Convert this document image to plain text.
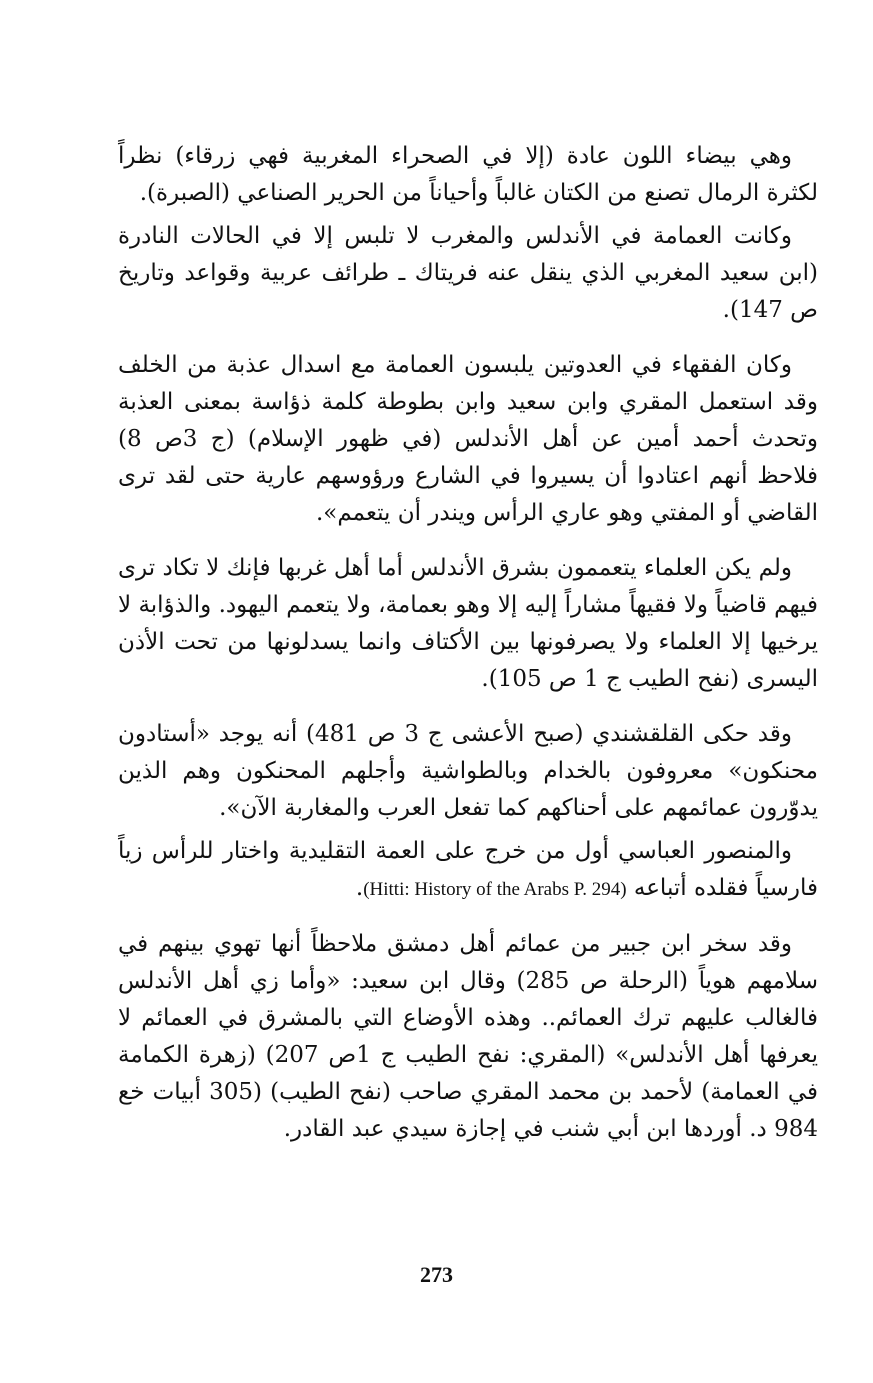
وهي بيضاء اللون عادة (إلا في الصحراء المغربية فهي زرقاء) نظراً لكثرة الرمال تصنع من الكتان غالباً وأحياناً من الحرير الصناعي (الصبرة).

وكانت العمامة في الأندلس والمغرب لا تلبس إلا في الحالات النادرة (ابن سعيد المغربي الذي ينقل عنه فريتاك ـ طرائف عربية وقواعد وتاريخ ص 147).

وكان الفقهاء في العدوتين يلبسون العمامة مع اسدال عذبة من الخلف وقد استعمل المقري وابن سعيد وابن بطوطة كلمة ذؤاسة بمعنى العذبة وتحدث أحمد أمين عن أهل الأندلس (في ظهور الإسلام) (ج 3ص 8) فلاحظ أنهم اعتادوا أن يسيروا في الشارع ورؤوسهم عارية حتى لقد ترى القاضي أو المفتي وهو عاري الرأس ويندر أن يتعمم».

ولم يكن العلماء يتعممون بشرق الأندلس أما أهل غربها فإنك لا تكاد ترى فيهم قاضياً ولا فقيهاً مشاراً إليه إلا وهو بعمامة، ولا يتعمم اليهود. والذؤابة لا يرخيها إلا العلماء ولا يصرفونها بين الأكتاف وانما يسدلونها من تحت الأذن اليسرى (نفح الطيب ج 1 ص 105).

وقد حكى القلقشندي (صبح الأعشى ج 3 ص 481) أنه يوجد «أستادون محنكون» معروفون بالخدام وبالطواشية وأجلهم المحنكون وهم الذين يدوّرون عمائمهم على أحناكهم كما تفعل العرب والمغاربة الآن».

والمنصور العباسي أول من خرج على العمة التقليدية واختار للرأس زياً فارسياً فقلده أتباعه (Hitti: History of the Arabs P. 294).

وقد سخر ابن جبير من عمائم أهل دمشق ملاحظاً أنها تهوي بينهم في سلامهم هوياً (الرحلة ص 285) وقال ابن سعيد: «وأما زي أهل الأندلس فالغالب عليهم ترك العمائم.. وهذه الأوضاع التي بالمشرق في العمائم لا يعرفها أهل الأندلس» (المقري: نفح الطيب ج 1ص 207) (زهرة الكمامة في العمامة) لأحمد بن محمد المقري صاحب (نفح الطيب) (305 أبيات خع 984 د. أوردها ابن أبي شنب في إجازة سيدي عبد القادر.

273
